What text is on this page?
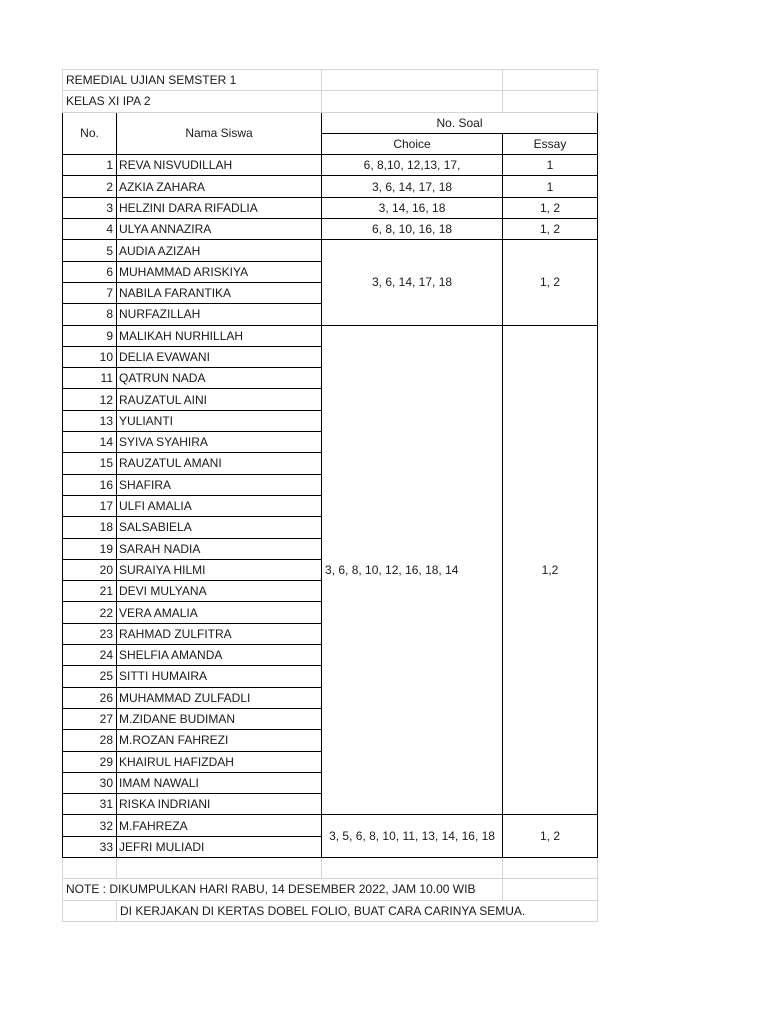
REMEDIAL UJIAN SEMSTER 1			
KELAS XI IPA 2			
No.	Nama Siswa	No. Soal	
		Choice	Essay
1	REVA NISVUDILLAH	6, 8,10, 12,13, 17,	1
2	AZKIA ZAHARA	3, 6, 14, 17, 18	1
3	HELZINI DARA RIFADLIA	3, 14, 16, 18	1, 2
4	ULYA ANNAZIRA	6, 8, 10, 16, 18	1, 2
5	AUDIA AZIZAH	3, 6, 14, 17, 18	1, 2
6	MUHAMMAD ARISKIYA		
7	NABILA FARANTIKA		
8	NURFAZILLAH		
9	MALIKAH NURHILLAH	3, 6, 8, 10, 12, 16, 18, 14	1,2
10	DELIA EVAWANI		
11	QATRUN NADA		
12	RAUZATUL AINI		
13	YULIANTI		
14	SYIVA SYAHIRA		
15	RAUZATUL AMANI		
16	SHAFIRA		
17	ULFI AMALIA		
18	SALSABIELA		
19	SARAH NADIA		
20	SURAIYA HILMI		
21	DEVI MULYANA		
22	VERA AMALIA		
23	RAHMAD ZULFITRA		
24	SHELFIA AMANDA		
25	SITTI HUMAIRA		
26	MUHAMMAD ZULFADLI		
27	M.ZIDANE BUDIMAN		
28	M.ROZAN FAHREZI		
29	KHAIRUL HAFIZDAH		
30	IMAM NAWALI		
31	RISKA INDRIANI		
32	M.FAHREZA	3, 5, 6, 8, 10, 11, 13, 14, 16, 18	1, 2
33	JEFRI MULIADI		

NOTE : DIKUMPULKAN HARI RABU, 14 DESEMBER 2022, JAM 10.00 WIB			
	DI KERJAKAN DI KERTAS DOBEL FOLIO, BUAT CARA CARINYA SEMUA.		
